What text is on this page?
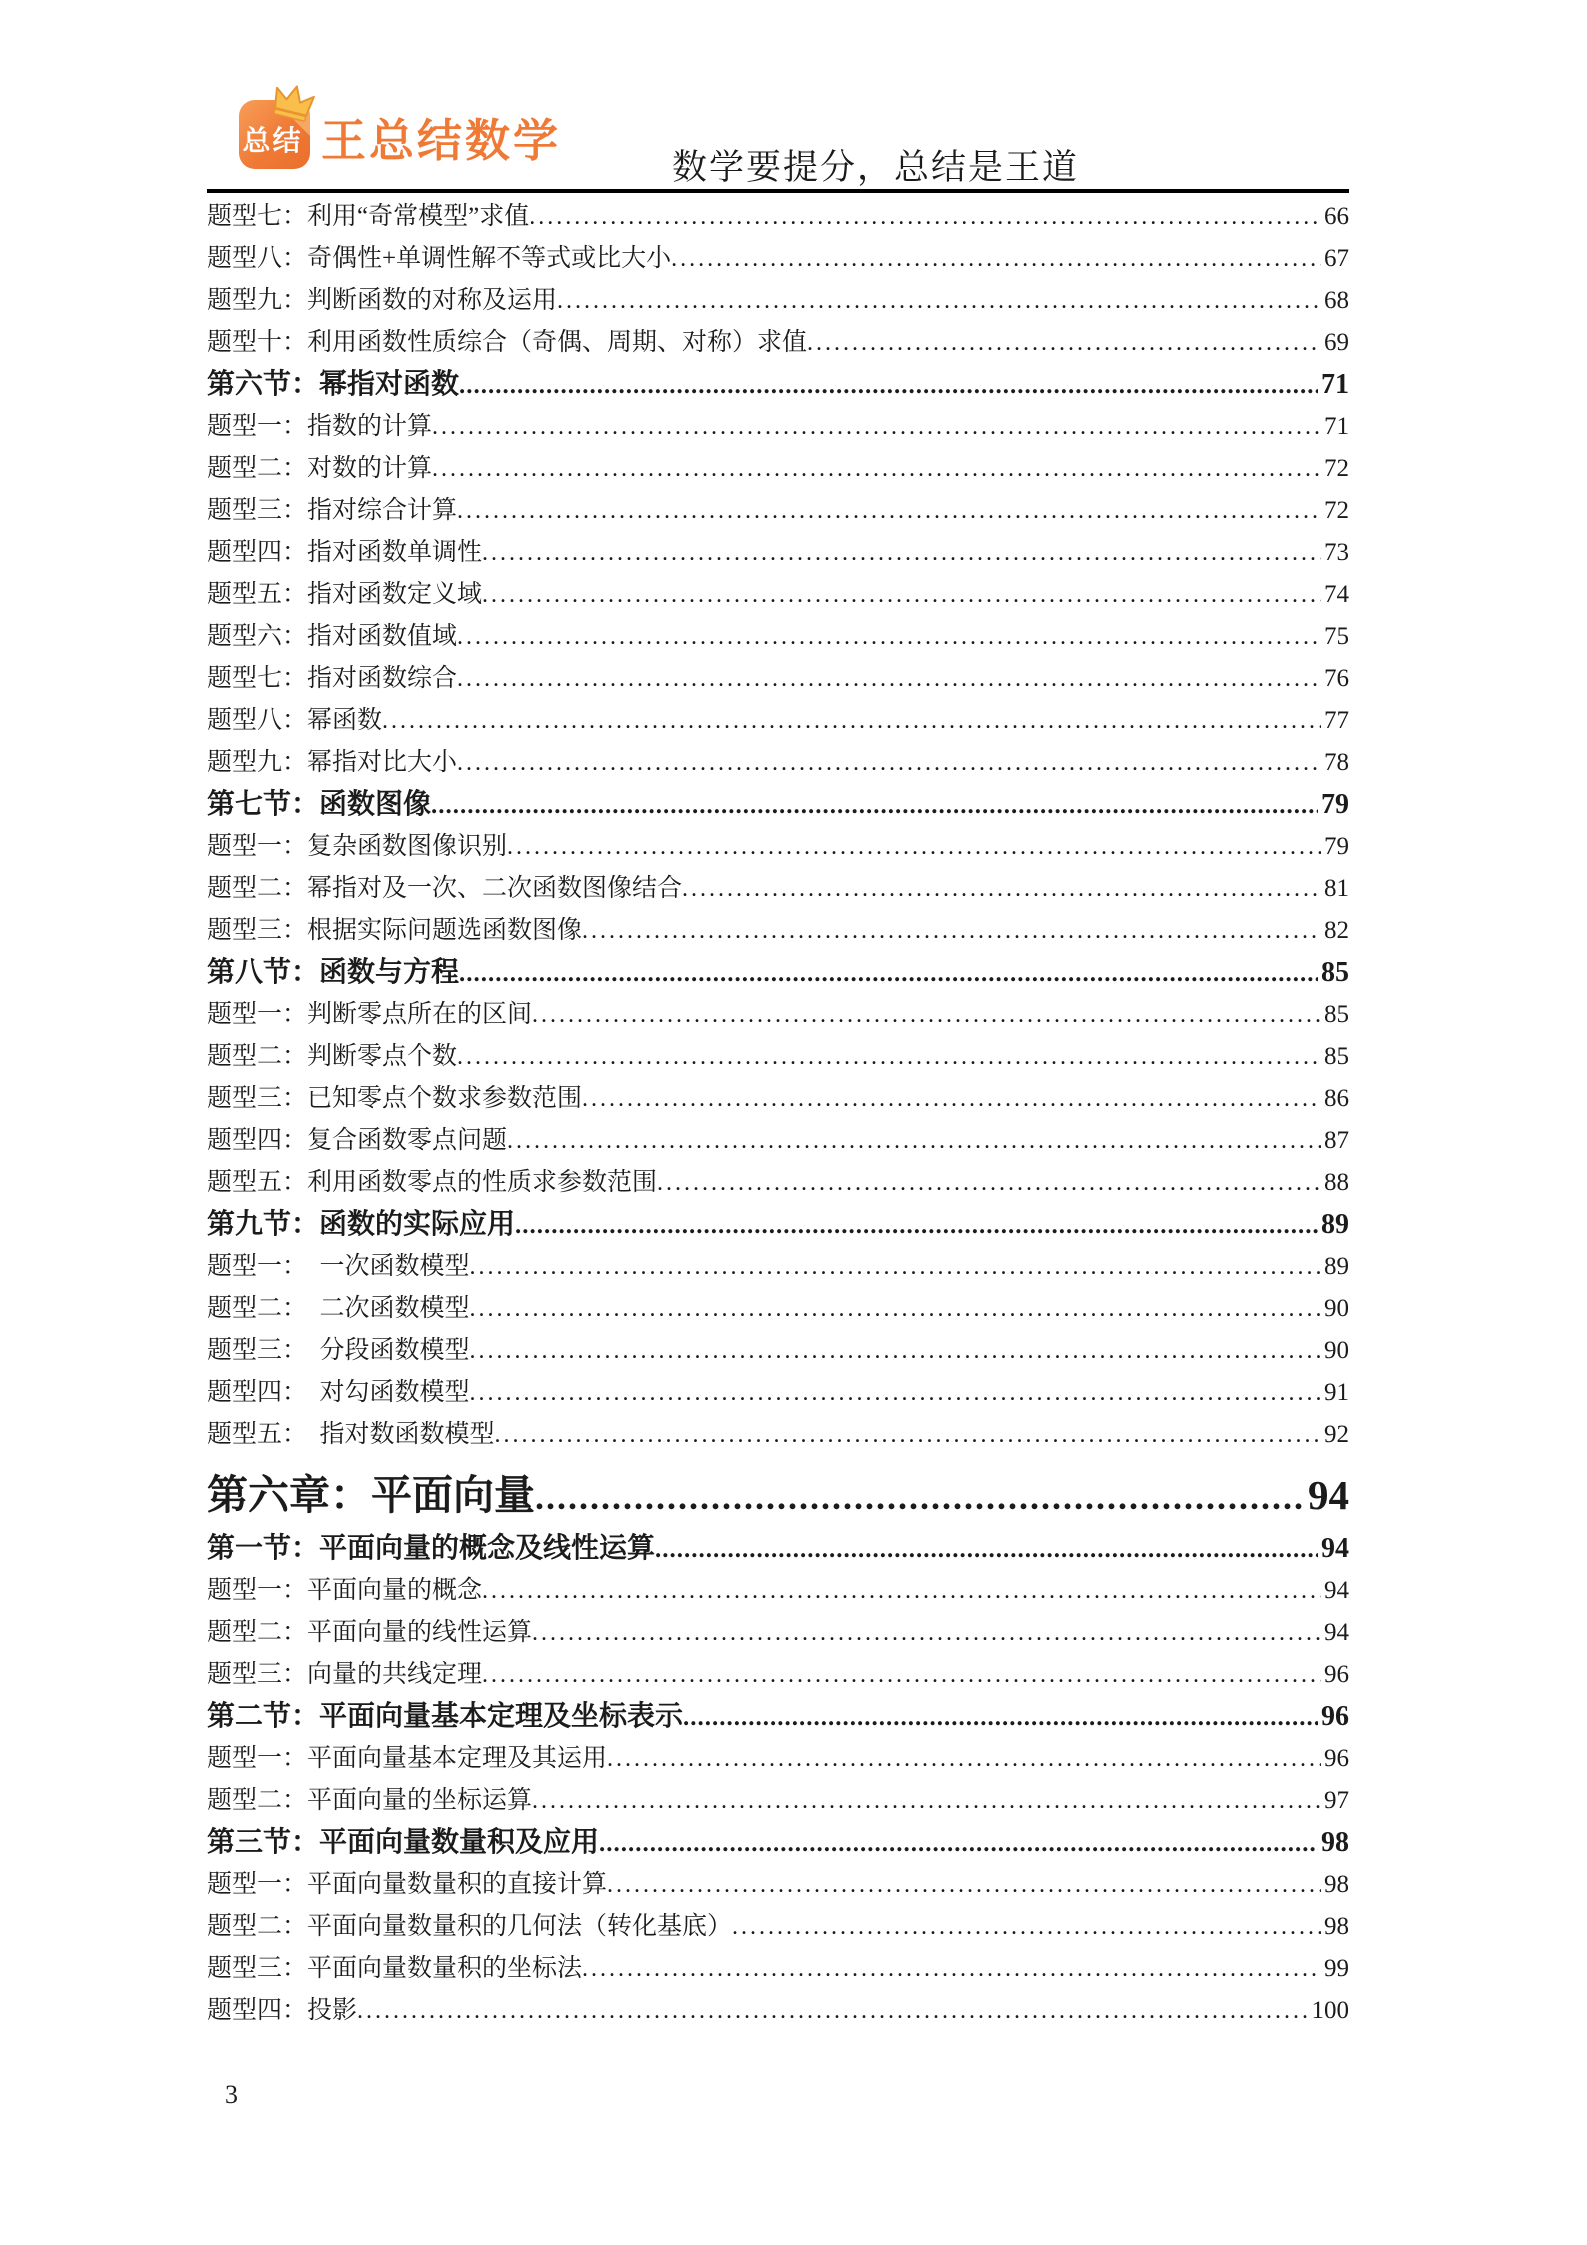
总结 王总结数学
数学要提分，总结是王道
题型七：利用“奇常模型”求值 .....	66
题型八：奇偶性+单调性解不等式或比大小 .....	67
题型九：判断函数的对称及运用 .....	68
题型十：利用函数性质综合（奇偶、周期、对称）求值 .....	69
第六节：幂指对函数 .....	71
题型一：指数的计算 .....	71
题型二：对数的计算 .....	72
题型三：指对综合计算 .....	72
题型四：指对函数单调性 .....	73
题型五：指对函数定义域 .....	74
题型六：指对函数值域 .....	75
题型七：指对函数综合 .....	76
题型八：幂函数 .....	77
题型九：幂指对比大小 .....	78
第七节：函数图像 .....	79
题型一：复杂函数图像识别 .....	79
题型二：幂指对及一次、二次函数图像结合 .....	81
题型三：根据实际问题选函数图像 .....	82
第八节：函数与方程 .....	85
题型一：判断零点所在的区间 .....	85
题型二：判断零点个数 .....	85
题型三：已知零点个数求参数范围 .....	86
题型四：复合函数零点问题 .....	87
题型五：利用函数零点的性质求参数范围 .....	88
第九节：函数的实际应用 .....	89
题型一：　一次函数模型 .....	89
题型二：　二次函数模型 .....	90
题型三：　分段函数模型 .....	90
题型四：　对勾函数模型 .....	91
题型五：　指对数函数模型 .....	92
第六章：平面向量 .....	94
第一节：平面向量的概念及线性运算 .....	94
题型一：平面向量的概念 .....	94
题型二：平面向量的线性运算 .....	94
题型三：向量的共线定理 .....	96
第二节：平面向量基本定理及坐标表示 .....	96
题型一：平面向量基本定理及其运用 .....	96
题型二：平面向量的坐标运算 .....	97
第三节：平面向量数量积及应用 .....	98
题型一：平面向量数量积的直接计算 .....	98
题型二：平面向量数量积的几何法（转化基底） .....	98
题型三：平面向量数量积的坐标法 .....	99
题型四：投影 .....	100
3
